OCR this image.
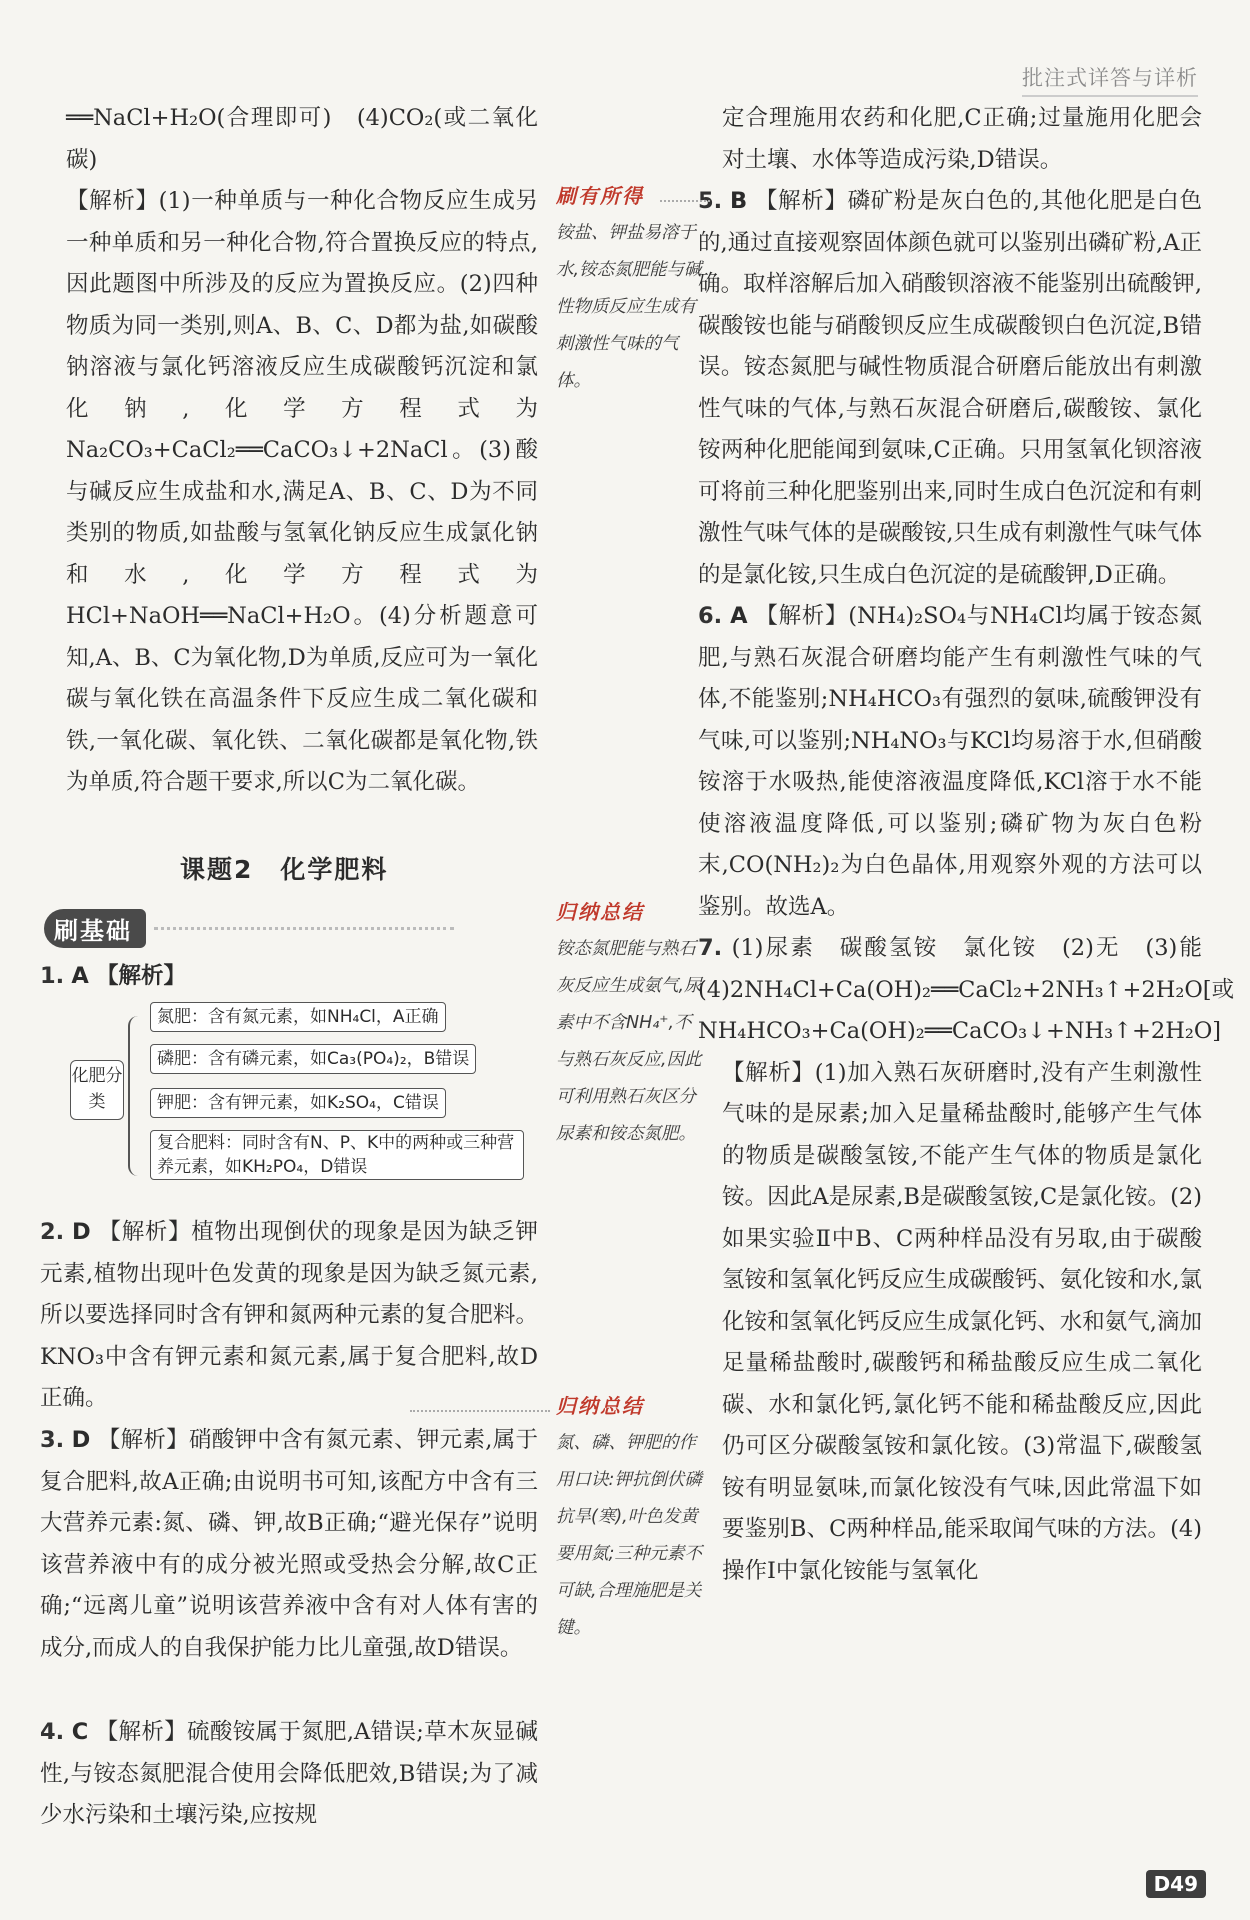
批注式详答与详析

══NaCl+H₂O(合理即可)　(4)CO₂(或二氧化碳)

【解析】(1)一种单质与一种化合物反应生成另一种单质和另一种化合物,符合置换反应的特点,因此题图中所涉及的反应为置换反应。(2)四种物质为同一类别,则A、B、C、D都为盐,如碳酸钠溶液与氯化钙溶液反应生成碳酸钙沉淀和氯化钠,化学方程式为Na₂CO₃+CaCl₂══CaCO₃↓+2NaCl。(3)酸与碱反应生成盐和水,满足A、B、C、D为不同类别的物质,如盐酸与氢氧化钠反应生成氯化钠和水,化学方程式为HCl+NaOH══NaCl+H₂O。(4)分析题意可知,A、B、C为氧化物,D为单质,反应可为一氧化碳与氧化铁在高温条件下反应生成二氧化碳和铁,一氧化碳、氧化铁、二氧化碳都是氧化物,铁为单质,符合题干要求,所以C为二氧化碳。

课题2　化学肥料
刷基础
1. A 【解析】
化肥分类
氮肥：含有氮元素，如NH₄Cl，A正确
磷肥：含有磷元素，如Ca₃(PO₄)₂，B错误
钾肥：含有钾元素，如K₂SO₄，C错误
复合肥料：同时含有N、P、K中的两种或三种营养元素，如KH₂PO₄，D错误

2. D 【解析】植物出现倒伏的现象是因为缺乏钾元素,植物出现叶色发黄的现象是因为缺乏氮元素,所以要选择同时含有钾和氮两种元素的复合肥料。KNO₃中含有钾元素和氮元素,属于复合肥料,故D正确。

3. D 【解析】硝酸钾中含有氮元素、钾元素,属于复合肥料,故A正确;由说明书可知,该配方中含有三大营养元素:氮、磷、钾,故B正确;“避光保存”说明该营养液中有的成分被光照或受热会分解,故C正确;“远离儿童”说明该营养液中含有对人体有害的成分,而成人的自我保护能力比儿童强,故D错误。

4. C 【解析】硫酸铵属于氮肥,A错误;草木灰显碱性,与铵态氮肥混合使用会降低肥效,B错误;为了减少水污染和土壤污染,应按规

刷有所得
铵盐、钾盐易溶于水,铵态氮肥能与碱性物质反应生成有刺激性气味的气体。
归纳总结
铵态氮肥能与熟石灰反应生成氨气,尿素中不含NH₄⁺,不与熟石灰反应,因此可利用熟石灰区分尿素和铵态氮肥。
归纳总结
氮、磷、钾肥的作用口诀:钾抗倒伏磷抗旱(寒),叶色发黄要用氮;三种元素不可缺,合理施肥是关键。

定合理施用农药和化肥,C正确;过量施用化肥会对土壤、水体等造成污染,D错误。

5. B 【解析】磷矿粉是灰白色的,其他化肥是白色的,通过直接观察固体颜色就可以鉴别出磷矿粉,A正确。取样溶解后加入硝酸钡溶液不能鉴别出硫酸钾,碳酸铵也能与硝酸钡反应生成碳酸钡白色沉淀,B错误。铵态氮肥与碱性物质混合研磨后能放出有刺激性气味的气体,与熟石灰混合研磨后,碳酸铵、氯化铵两种化肥能闻到氨味,C正确。只用氢氧化钡溶液可将前三种化肥鉴别出来,同时生成白色沉淀和有刺激性气味气体的是碳酸铵,只生成有刺激性气味气体的是氯化铵,只生成白色沉淀的是硫酸钾,D正确。

6. A 【解析】(NH₄)₂SO₄与NH₄Cl均属于铵态氮肥,与熟石灰混合研磨均能产生有刺激性气味的气体,不能鉴别;NH₄HCO₃有强烈的氨味,硫酸钾没有气味,可以鉴别;NH₄NO₃与KCl均易溶于水,但硝酸铵溶于水吸热,能使溶液温度降低,KCl溶于水不能使溶液温度降低,可以鉴别;磷矿物为灰白色粉末,CO(NH₂)₂为白色晶体,用观察外观的方法可以鉴别。故选A。

7. (1)尿素　碳酸氢铵　氯化铵　(2)无　(3)能　(4)2NH₄Cl+Ca(OH)₂══CaCl₂+2NH₃↑+2H₂O[或NH₄HCO₃+Ca(OH)₂══CaCO₃↓+NH₃↑+2H₂O]

【解析】(1)加入熟石灰研磨时,没有产生刺激性气味的是尿素;加入足量稀盐酸时,能够产生气体的物质是碳酸氢铵,不能产生气体的物质是氯化铵。因此A是尿素,B是碳酸氢铵,C是氯化铵。(2)如果实验Ⅱ中B、C两种样品没有另取,由于碳酸氢铵和氢氧化钙反应生成碳酸钙、氨化铵和水,氯化铵和氢氧化钙反应生成氯化钙、水和氨气,滴加足量稀盐酸时,碳酸钙和稀盐酸反应生成二氧化碳、水和氯化钙,氯化钙不能和稀盐酸反应,因此仍可区分碳酸氢铵和氯化铵。(3)常温下,碳酸氢铵有明显氨味,而氯化铵没有气味,因此常温下如要鉴别B、C两种样品,能采取闻气味的方法。(4)操作Ⅰ中氯化铵能与氢氧化

D49
